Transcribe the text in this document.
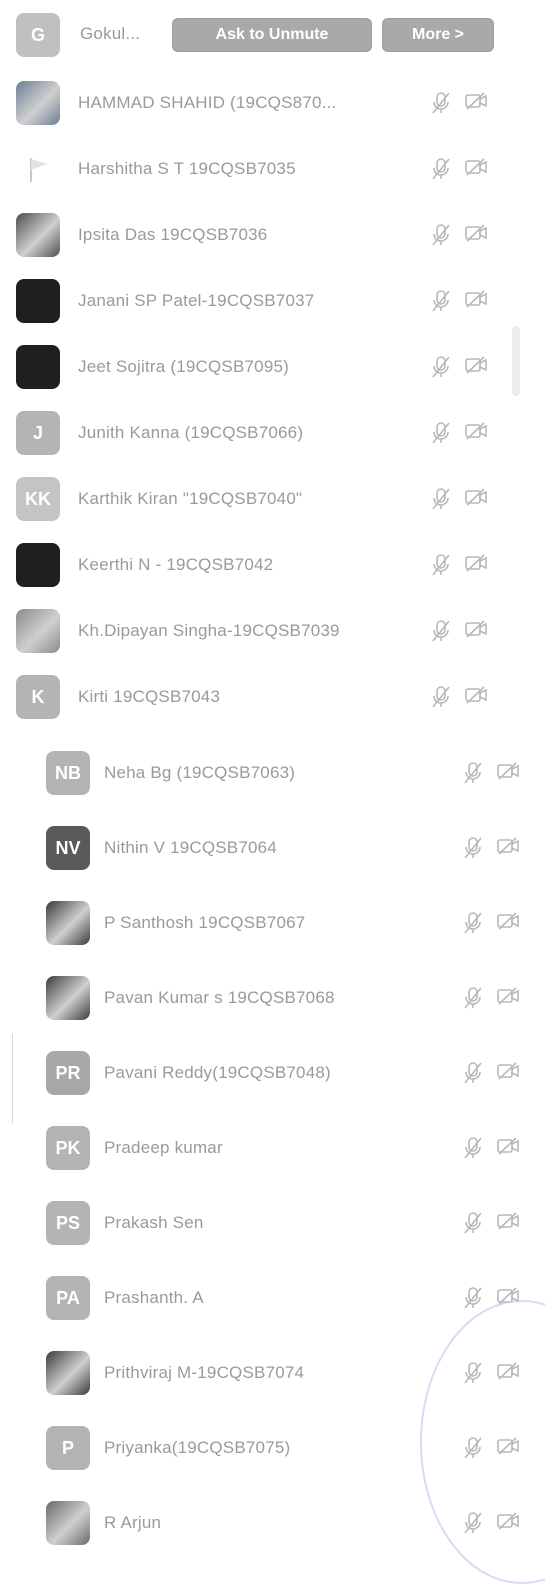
G Gokul...	Ask to Unmute	More >
HAMMAD SHAHID (19CQS870...
Harshitha S T 19CQSB7035
Ipsita Das 19CQSB7036
Janani SP Patel-19CQSB7037
Jeet Sojitra (19CQSB7095)
J Junith Kanna (19CQSB7066)
KK Karthik Kiran "19CQSB7040"
Keerthi N - 19CQSB7042
Kh.Dipayan Singha-19CQSB7039
K Kirti 19CQSB7043
NB Neha Bg (19CQSB7063)
NV Nithin V 19CQSB7064
P Santhosh 19CQSB7067
Pavan Kumar s 19CQSB7068
PR Pavani Reddy(19CQSB7048)
PK Pradeep kumar
PS Prakash Sen
PA Prashanth. A
Prithviraj M-19CQSB7074
P Priyanka(19CQSB7075)
R Arjun
